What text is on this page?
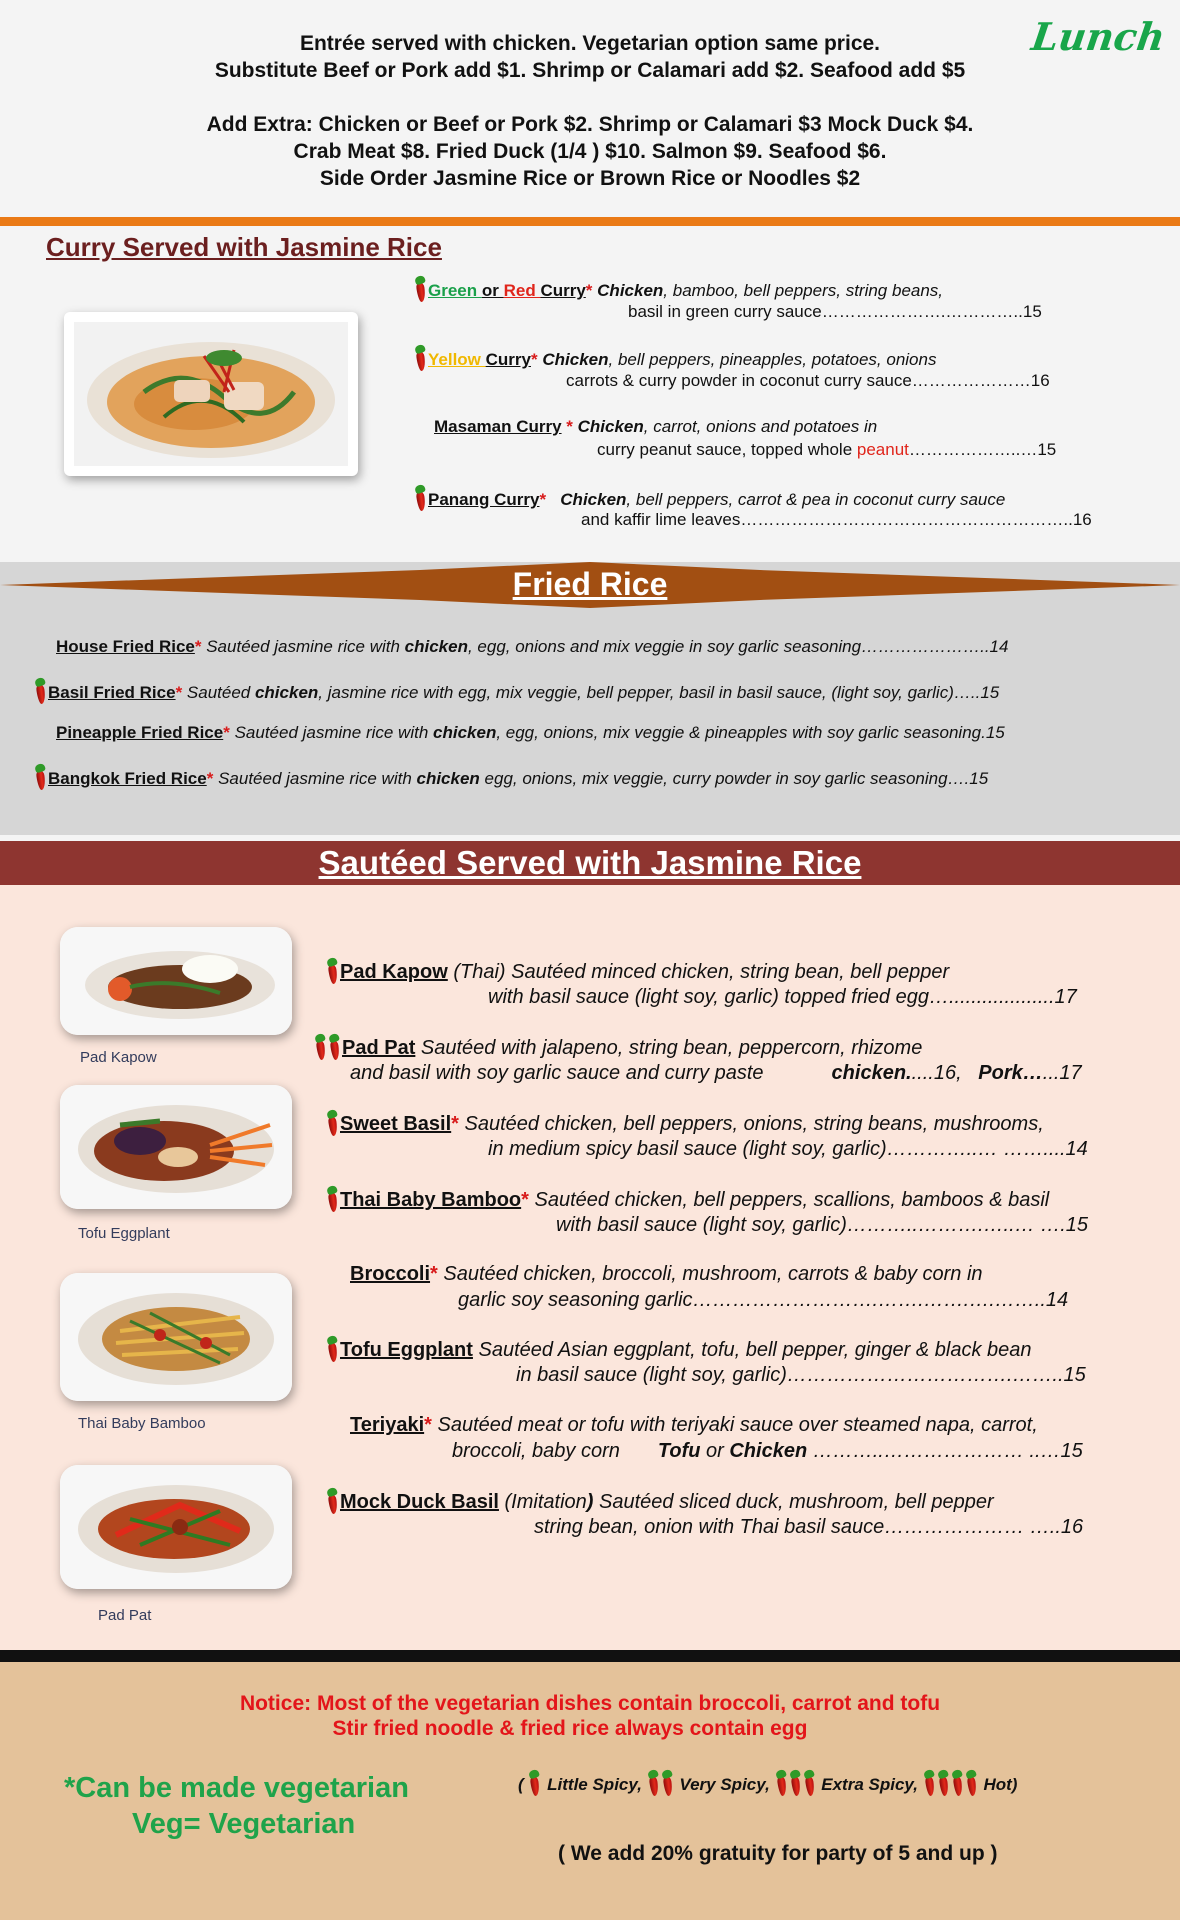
Entrée served with chicken. Vegetarian option same price.
Substitute Beef or Pork add $1. Shrimp or Calamari add $2. Seafood add $5
Add Extra: Chicken or Beef or Pork $2. Shrimp or Calamari $3 Mock Duck $4.
Crab Meat $8. Fried Duck (1/4 ) $10. Salmon $9. Seafood $6.
Side Order Jasmine Rice or Brown Rice or Noodles $2
Lunch
Curry Served with Jasmine Rice
Green or Red Curry* Chicken, bamboo, bell peppers, string beans,
basil in green curry sauce………………….…………..15
Yellow Curry* Chicken, bell peppers, pineapples, potatoes, onions
carrots & curry powder in coconut curry sauce…………………16
Masaman Curry * Chicken, carrot, onions and potatoes in
curry peanut sauce, topped whole peanut………………..…15
Panang Curry* Chicken, bell peppers, carrot & pea in coconut curry sauce
and kaffir lime leaves…………………………………………………..16
Fried Rice
House Fried Rice* Sautéed jasmine rice with chicken, egg, onions and mix veggie in soy garlic seasoning…………………..14
Basil Fried Rice* Sautéed chicken, jasmine rice with egg, mix veggie, bell pepper, basil in basil sauce, (light soy, garlic)…..15
Pineapple Fried Rice* Sautéed jasmine rice with chicken, egg, onions, mix veggie & pineapples with soy garlic seasoning.15
Bangkok Fried Rice* Sautéed jasmine rice with chicken egg, onions, mix veggie, curry powder in soy garlic seasoning….15
Sautéed Served with Jasmine Rice
Pad Kapow
Tofu Eggplant
Thai Baby Bamboo
Pad Pat
Pad Kapow (Thai) Sautéed minced chicken, string bean, bell pepper
with basil sauce (light soy, garlic) topped fried egg…...................17
Pad Pat Sautéed with jalapeno, string bean, peppercorn, rhizome
and basil with soy garlic sauce and curry paste	chicken.....16, Pork…...17
Sweet Basil* Sautéed chicken, bell peppers, onions, string beans, mushrooms,
in medium spicy basil sauce (light soy, garlic)…………..… ……....14
Thai Baby Bamboo* Sautéed chicken, bell peppers, scallions, bamboos & basil
with basil sauce (light soy, garlic)………..……….…..… ….15
Broccoli* Sautéed chicken, broccoli, mushroom, carrots & baby corn in
garlic soy seasoning garlic……………………….…….…….….……..14
Tofu Eggplant Sautéed Asian eggplant, tofu, bell pepper, ginger & black bean
in basil sauce (light soy, garlic)…………………………….……..15
Teriyaki* Sautéed meat or tofu with teriyaki sauce over steamed napa, carrot,
broccoli, baby corn Tofu or Chicken ………..………………… ..…15
Mock Duck Basil (Imitation) Sautéed sliced duck, mushroom, bell pepper
string bean, onion with Thai basil sauce………………… …..16
Notice: Most of the vegetarian dishes contain broccoli, carrot and tofu
Stir fried noodle & fried rice always contain egg
*Can be made vegetarian
Veg= Vegetarian
( Little Spicy, Very Spicy,	Extra Spicy,	Hot)
( We add 20% gratuity for party of 5 and up )
